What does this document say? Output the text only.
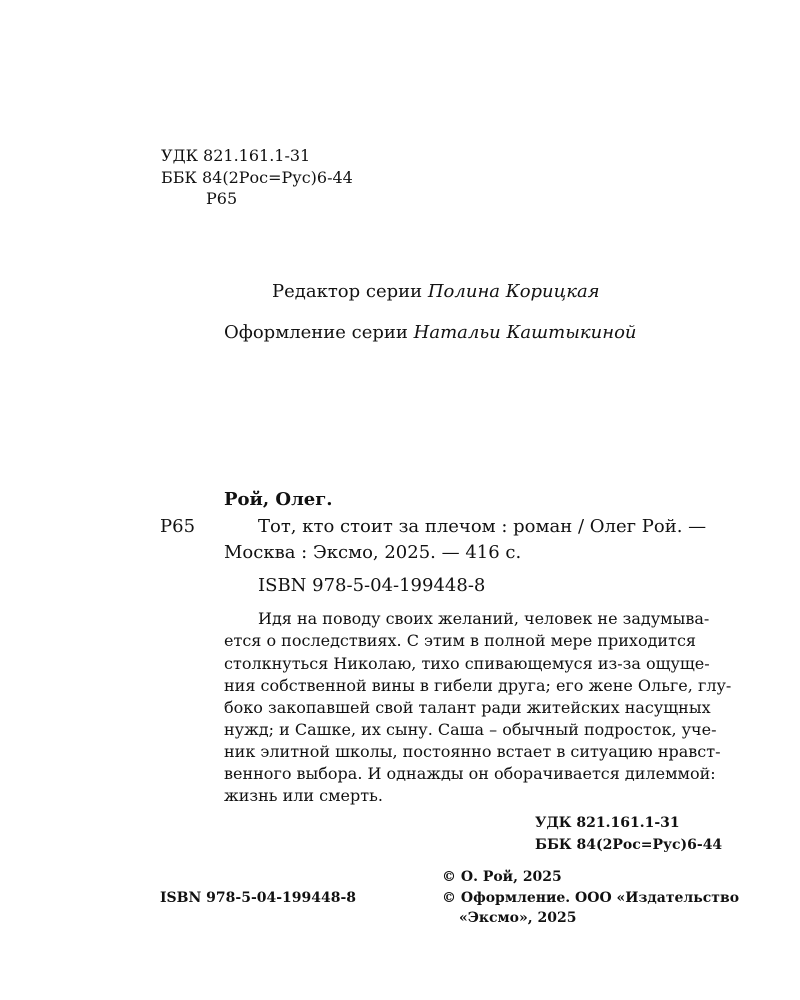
УДК 821.161.1-31
ББК 84(2Рос=Рус)6-44
Р65
Редактор серии Полина Корицкая
Оформление серии Натальи Каштыкиной
Рой, Олег.
Р65	Тот, кто стоит за плечом : роман / Олег Рой. —
Москва : Эксмо, 2025. — 416 с.
ISBN 978-5-04-199448-8
Идя на поводу своих желаний, человек не задумыва-
ется о последствиях. С этим в полной мере приходится
столкнуться Николаю, тихо спивающемуся из-за ощуще-
ния собственной вины в гибели друга; его жене Ольге, глу-
боко закопавшей свой талант ради житейских насущных
нужд; и Сашке, их сыну. Саша – обычный подросток, уче-
ник элитной школы, постоянно встает в ситуацию нравст-
венного выбора. И однажды он оборачивается дилеммой:
жизнь или смерть.
УДК 821.161.1-31
ББК 84(2Рос=Рус)6-44
© О. Рой, 2025
© Оформление. ООО «Издательство
«Эксмо», 2025
ISBN 978-5-04-199448-8
